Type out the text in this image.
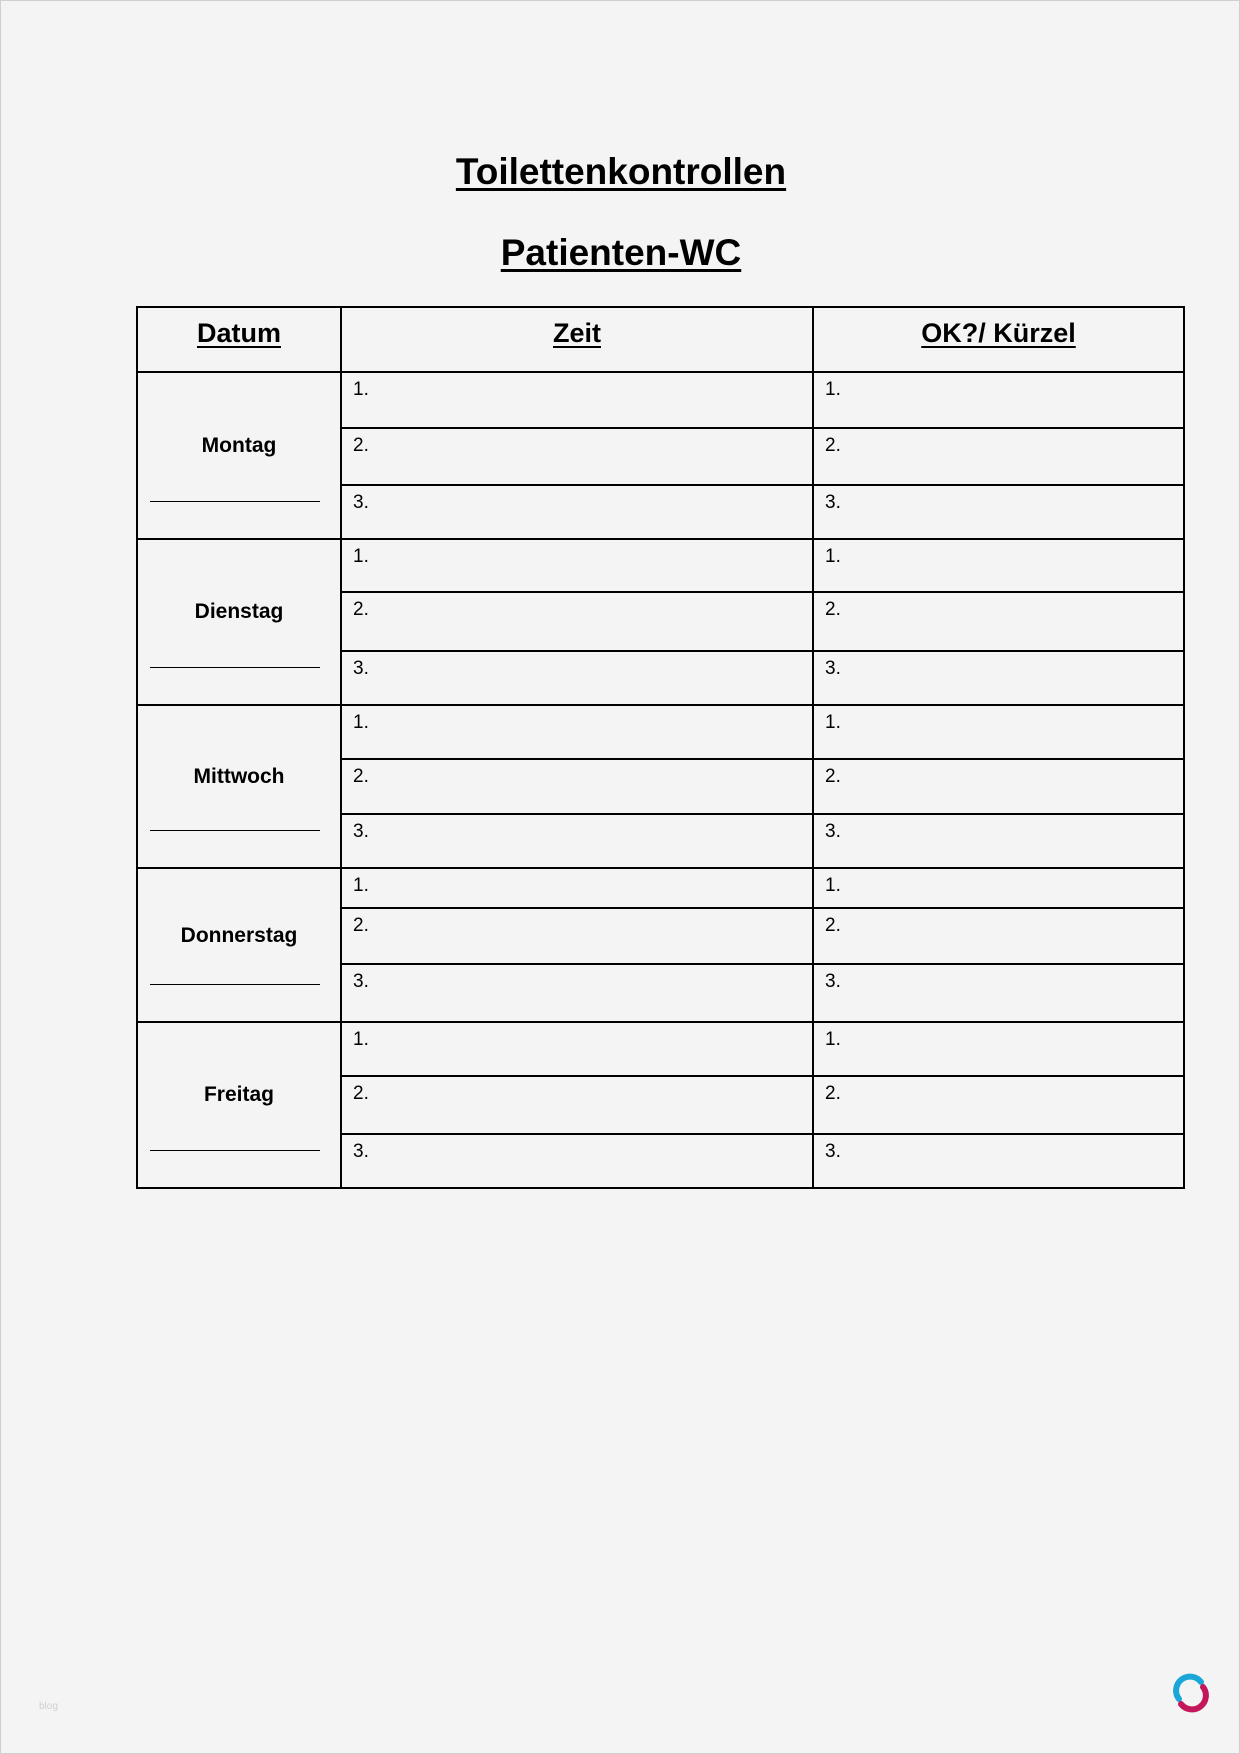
Toilettenkontrollen
Patienten-WC
Datum	Zeit	OK?/ Kürzel

Montag	1.	1.

	2.	2.

	3.	3.

Dienstag	1.	1.

	2.	2.

	3.	3.

Mittwoch	1.	1.

	2.	2.

	3.	3.

Donnerstag	1.	1.

	2.	2.

	3.	3.

Freitag	1.	1.

	2.	2.

	3.	3.
blog
